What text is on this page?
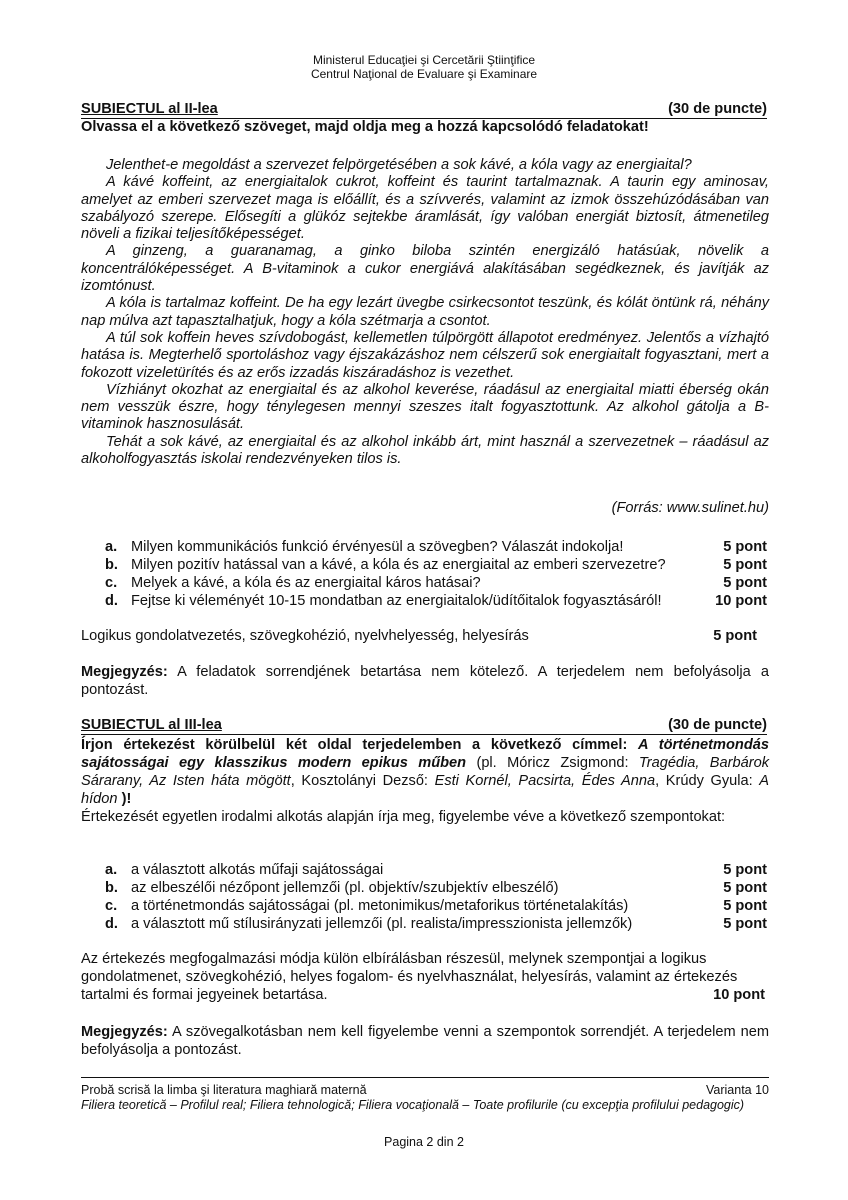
Ministerul Educaţiei şi Cercetării Ştiinţifice
Centrul Naţional de Evaluare şi Examinare
SUBIECTUL al II-lea	(30 de puncte)
Olvassa el a következő szöveget, majd oldja meg a hozzá kapcsolódó feladatokat!

Jelenthet-e megoldást a szervezet felpörgetésében a sok kávé, a kóla vagy az energiaital?

A kávé koffeint, az energiaitalok cukrot, koffeint és taurint tartalmaznak. A taurin egy aminosav, amelyet az emberi szervezet maga is előállít, és a szívverés, valamint az izmok összehúzódásában van szabályozó szerepe. Elősegíti a glükóz sejtekbe áramlását, így valóban energiát biztosít, átmenetileg növeli a fizikai teljesítőképességet.

A ginzeng, a guaranamag, a ginko biloba szintén energizáló hatásúak, növelik a koncentrálóképességet. A B-vitaminok a cukor energiává alakításában segédkeznek, és javítják az izomtónust.

A kóla is tartalmaz koffeint. De ha egy lezárt üvegbe csirkecsontot teszünk, és kólát öntünk rá, néhány nap múlva azt tapasztalhatjuk, hogy a kóla szétmarja a csontot.

A túl sok koffein heves szívdobogást, kellemetlen túlpörgött állapotot eredményez. Jelentős a vízhajtó hatása is. Megterhelő sportoláshoz vagy éjszakázáshoz nem célszerű sok energiaitalt fogyasztani, mert a fokozott vizeletürítés és az erős izzadás kiszáradáshoz is vezethet.

Vízhiányt okozhat az energiaital és az alkohol keverése, ráadásul az energiaital miatti éberség okán nem vesszük észre, hogy ténylegesen mennyi szeszes italt fogyasztottunk. Az alkohol gátolja a B-vitaminok hasznosulását.

Tehát a sok kávé, az energiaital és az alkohol inkább árt, mint használ a szervezetnek – ráadásul az alkoholfogyasztás iskolai rendezvényeken tilos is.

(Forrás: www.sulinet.hu)
a. Milyen kommunikációs funkció érvényesül a szövegben? Válaszát indokolja!	5 pont
b. Milyen pozitív hatással van a kávé, a kóla és az energiaital az emberi szervezetre?	5 pont
c. Melyek a kávé, a kóla és az energiaital káros hatásai?	5 pont
d. Fejtse ki véleményét 10-15 mondatban az energiaitalok/üdítőitalok fogyasztásáról!	10 pont
Logikus gondolatvezetés, szövegkohézió, nyelvhelyesség, helyesírás	5 pont
Megjegyzés: A feladatok sorrendjének betartása nem kötelező. A terjedelem nem befolyásolja a pontozást.
SUBIECTUL al III-lea	(30 de puncte)
Írjon értekezést körülbelül két oldal terjedelemben a következő címmel: A történetmondás sajátosságai egy klasszikus modern epikus műben (pl. Móricz Zsigmond: Tragédia, Barbárok Sárarany, Az Isten háta mögött, Kosztolányi Dezső: Esti Kornél, Pacsirta, Édes Anna, Krúdy Gyula: A hídon )!
Értekezését egyetlen irodalmi alkotás alapján írja meg, figyelembe véve a következő szempontokat:
a. a választott alkotás műfaji sajátosságai	5 pont
b. az elbeszélői nézőpont jellemzői (pl. objektív/szubjektív elbeszélő)	5 pont
c. a történetmondás sajátosságai (pl. metonimikus/metaforikus történetalakítás)	5 pont
d. a választott mű stílusirányzati jellemzői (pl. realista/impresszionista jellemzők)	5 pont
Az értekezés megfogalmazási módja külön elbírálásban részesül, melynek szempontjai a logikus gondolatmenet, szövegkohézió, helyes fogalom- és nyelvhasználat, helyesírás, valamint az értekezés tartalmi és formai jegyeinek betartása.	10 pont
Megjegyzés: A szövegalkotásban nem kell figyelembe venni a szempontok sorrendjét. A terjedelem nem befolyásolja a pontozást.
Probă scrisă la limba şi literatura maghiară maternă	Varianta 10
Filiera teoretică – Profilul real; Filiera tehnologică; Filiera vocaţională – Toate profilurile (cu excepţia profilului pedagogic)
Pagina 2 din 2
